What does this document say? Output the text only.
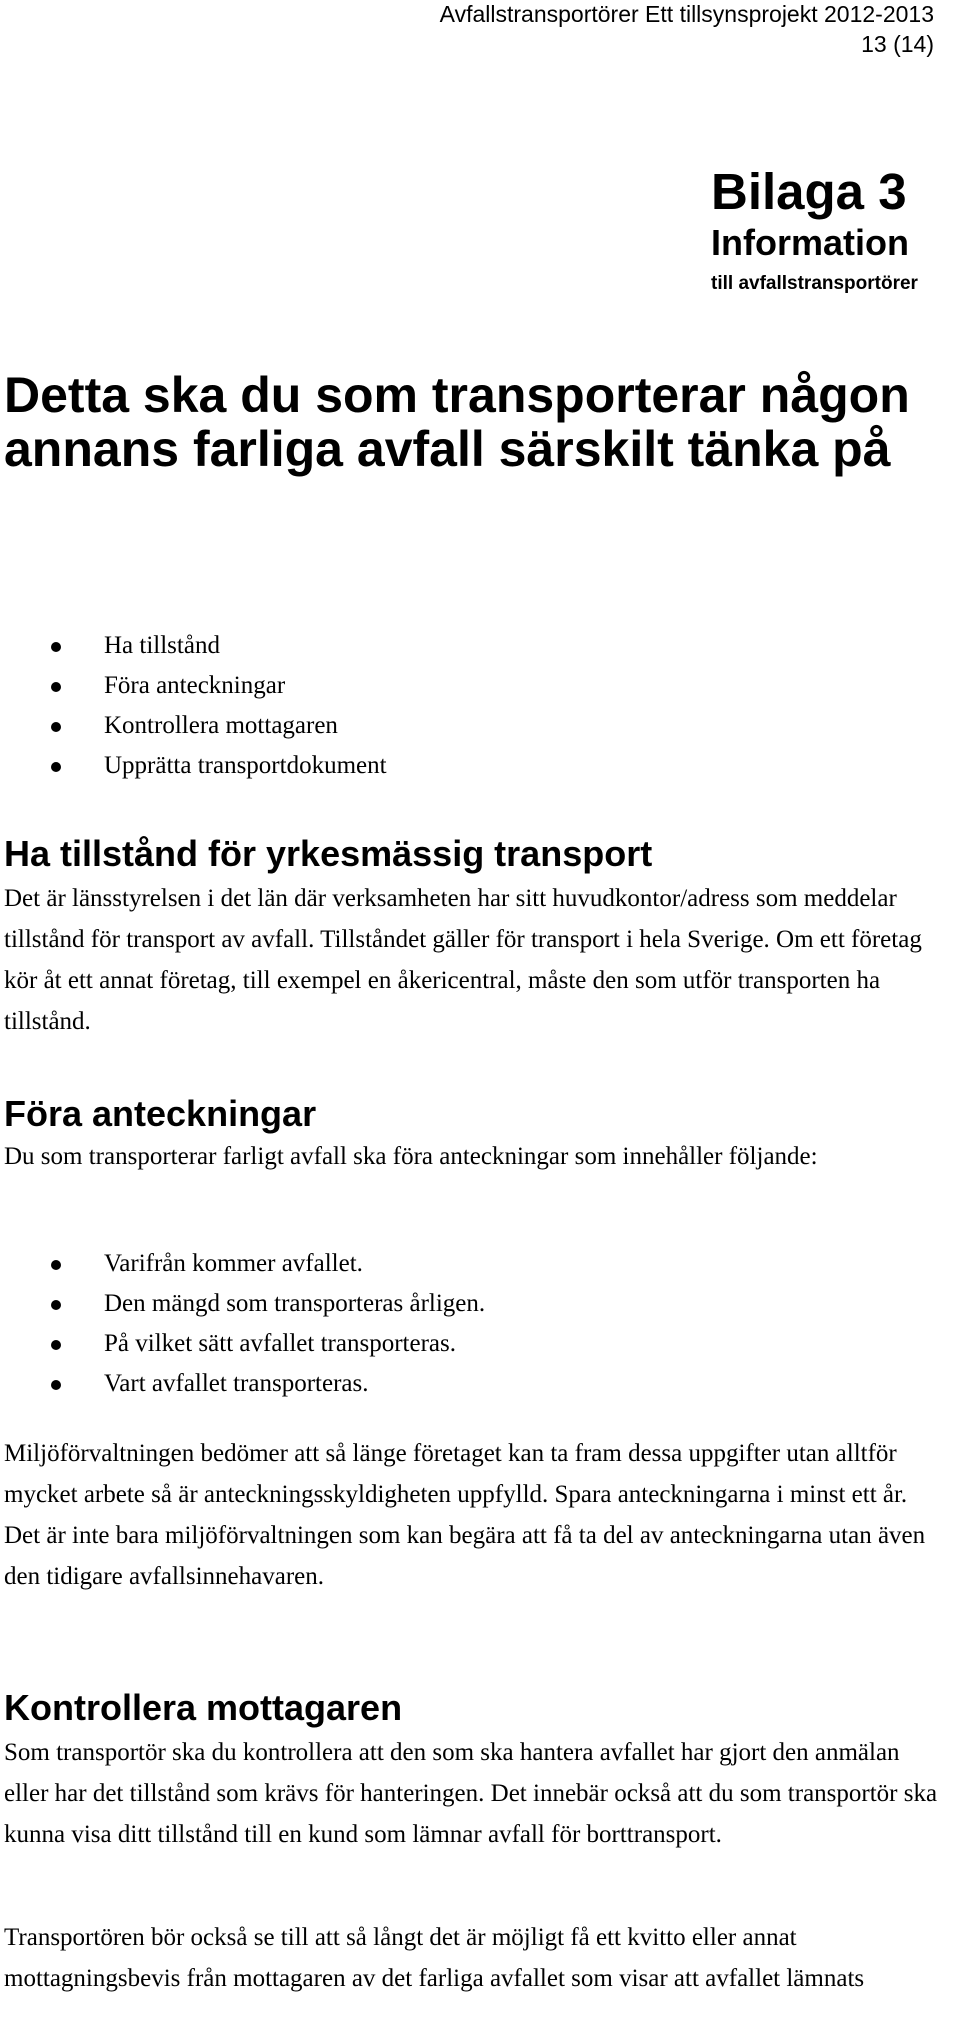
Avfallstransportörer Ett tillsynsprojekt 2012-2013
13 (14)
Bilaga 3
Information
till avfallstransportörer
Detta ska du som transporterar någon annans farliga avfall särskilt tänka på
Ha tillstånd
Föra anteckningar
Kontrollera mottagaren
Upprätta transportdokument
Ha tillstånd för yrkesmässig transport

Det är länsstyrelsen i det län där verksamheten har sitt huvudkontor/adress som meddelar tillstånd för transport av avfall. Tillståndet gäller för transport i hela Sverige. Om ett företag kör åt ett annat företag, till exempel en åkericentral, måste den som utför transporten ha tillstånd.

Föra anteckningar

Du som transporterar farligt avfall ska föra anteckningar som innehåller följande:

Varifrån kommer avfallet.
Den mängd som transporteras årligen.
På vilket sätt avfallet transporteras.
Vart avfallet transporteras.

Miljöförvaltningen bedömer att så länge företaget kan ta fram dessa uppgifter utan alltför mycket arbete så är anteckningsskyldigheten uppfylld. Spara anteckningarna i minst ett år. Det är inte bara miljöförvaltningen som kan begära att få ta del av anteckningarna utan även den tidigare avfallsinnehavaren.

Kontrollera mottagaren

Som transportör ska du kontrollera att den som ska hantera avfallet har gjort den anmälan eller har det tillstånd som krävs för hanteringen. Det innebär också att du som transportör ska kunna visa ditt tillstånd till en kund som lämnar avfall för borttransport.

Transportören bör också se till att så långt det är möjligt få ett kvitto eller annat mottagningsbevis från mottagaren av det farliga avfallet som visar att avfallet lämnats
